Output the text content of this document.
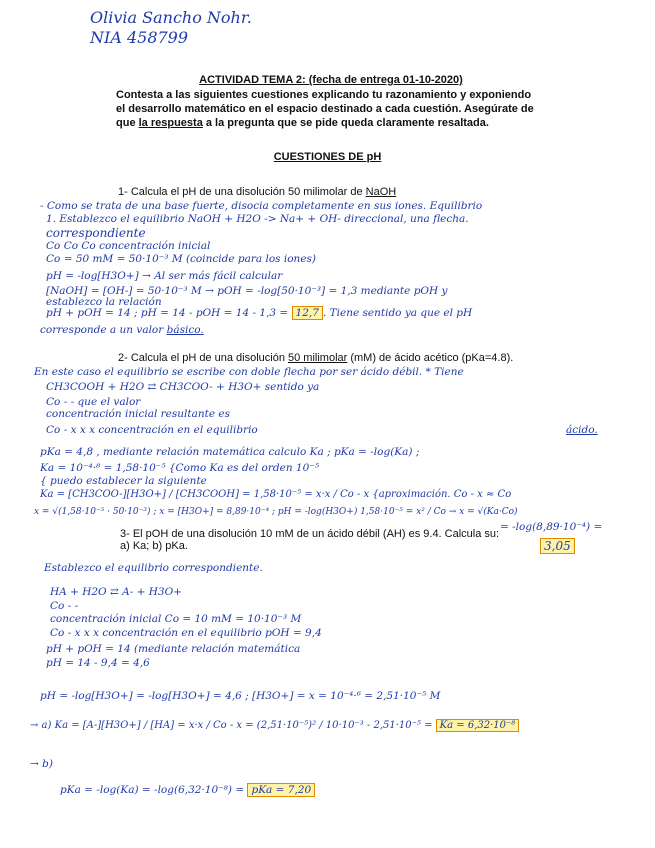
Olivia Sancho Nohr.
NIA 458799
ACTIVIDAD TEMA 2: (fecha de entrega 01-10-2020)
Contesta a las siguientes cuestiones explicando tu razonamiento y exponiendo
el desarrollo matemático en el espacio destinado a cada cuestión. Asegúrate de
que la respuesta a la pregunta que se pide queda claramente resaltada.
CUESTIONES DE pH
1- Calcula el pH de una disolución 50 milimolar de NaOH
- Como se trata de una base fuerte, disocia completamente en sus iones. Equilibrio
1. Establezco el equilibrio NaOH + H2O -> Na+ + OH- direccional, una flecha.
correspondiente
Co Co Co concentración inicial
Co = 50 mM = 50·10⁻³ M (coincide para los iones)
pH = -log[H3O+] → Al ser más fácil calcular
[NaOH] = [OH-] = 50·10⁻³ M → pOH = -log[50·10⁻³] = 1,3 mediante pOH y
establezco la relación
pH + pOH = 14 ; pH = 14 - pOH = 14 - 1,3 = 12,7 . Tiene sentido ya que el pH
corresponde a un valor básico.
2- Calcula el pH de una disolución 50 milimolar (mM) de ácido acético (pKa=4.8).
En este caso el equilibrio se escribe con doble flecha por ser ácido débil. * Tiene
CH3COOH + H2O ⇄ CH3COO- + H3O+ sentido ya
Co - - que el valor
concentración inicial resultante es
Co - x x x concentración en el equilibrio	ácido.
pKa = 4,8 , mediante relación matemática calculo Ka ; pKa = -log(Ka) ;
Ka = 10⁻⁴·⁸ = 1,58·10⁻⁵ {Como Ka es del orden 10⁻⁵
{ puedo establecer la siguiente
Ka = [CH3COO-][H3O+] / [CH3COOH] = 1,58·10⁻⁵ = x·x / Co - x {aproximación. Co - x ≈ Co
x = √(1,58·10⁻⁵ · 50·10⁻³) ; x = [H3O+] = 8,89·10⁻⁴ ; pH = -log(H3O+) 1,58·10⁻⁵ = x² / Co → x = √(Ka·Co)
= -log(8,89·10⁻⁴) =
3,05
3- El pOH de una disolución 10 mM de un ácido débil (AH) es 9.4. Calcula su:
a) Ka; b) pKa.
Establezco el equilibrio correspondiente.
HA + H2O ⇄ A- + H3O+
Co - -
concentración inicial Co = 10 mM = 10·10⁻³ M
Co - x x x concentración en el equilibrio pOH = 9,4
pH + pOH = 14 (mediante relación matemática
pH = 14 - 9,4 = 4,6
pH = -log[H3O+] = -log[H3O+] = 4,6 ; [H3O+] = x = 10⁻⁴·⁶ = 2,51·10⁻⁵ M
→ a) Ka = [A-][H3O+] / [HA] = x·x / Co - x = (2,51·10⁻⁵)² / 10·10⁻³ - 2,51·10⁻⁵ = Ka = 6,32·10⁻⁸
→ b)
pKa = -log(Ka) = -log(6,32·10⁻⁸) = pKa = 7,20
